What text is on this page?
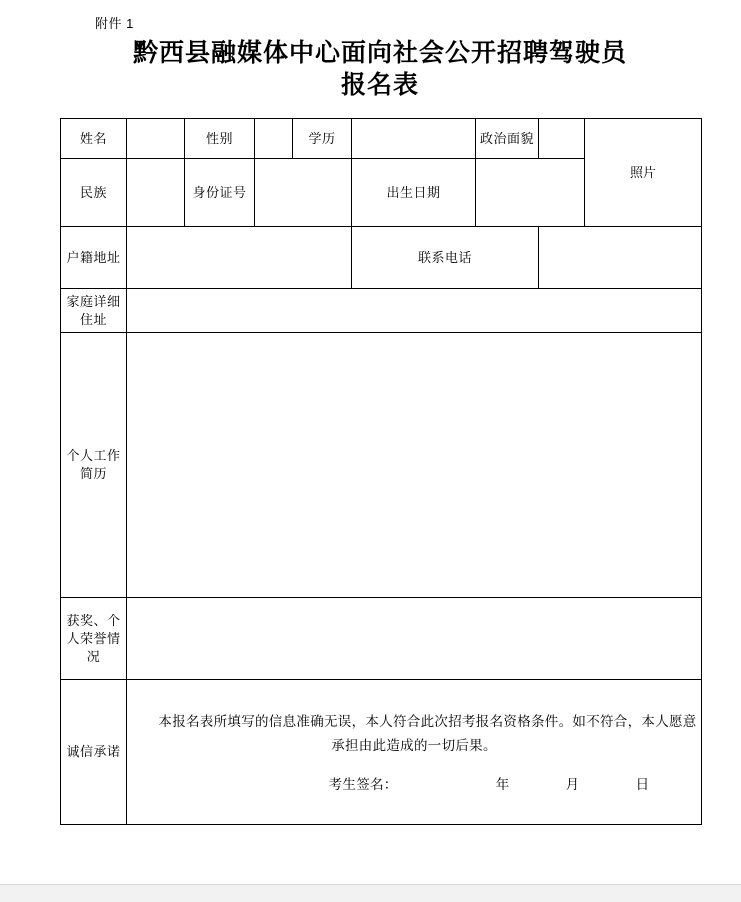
附件 1
黔西县融媒体中心面向社会公开招聘驾驶员
报名表
姓名		性别		学历		政治面貌		照片
民族		身份证号			出生日期			
户籍地址					联系电话			
家庭详细住址								
个人工作简历								
获奖、个人荣誉情况								
诚信承诺	本报名表所填写的信息准确无误，本人符合此次招考报名资格条件。如不符合，本人愿意承担由此造成的一切后果。
考生签名： 年 月 日							
